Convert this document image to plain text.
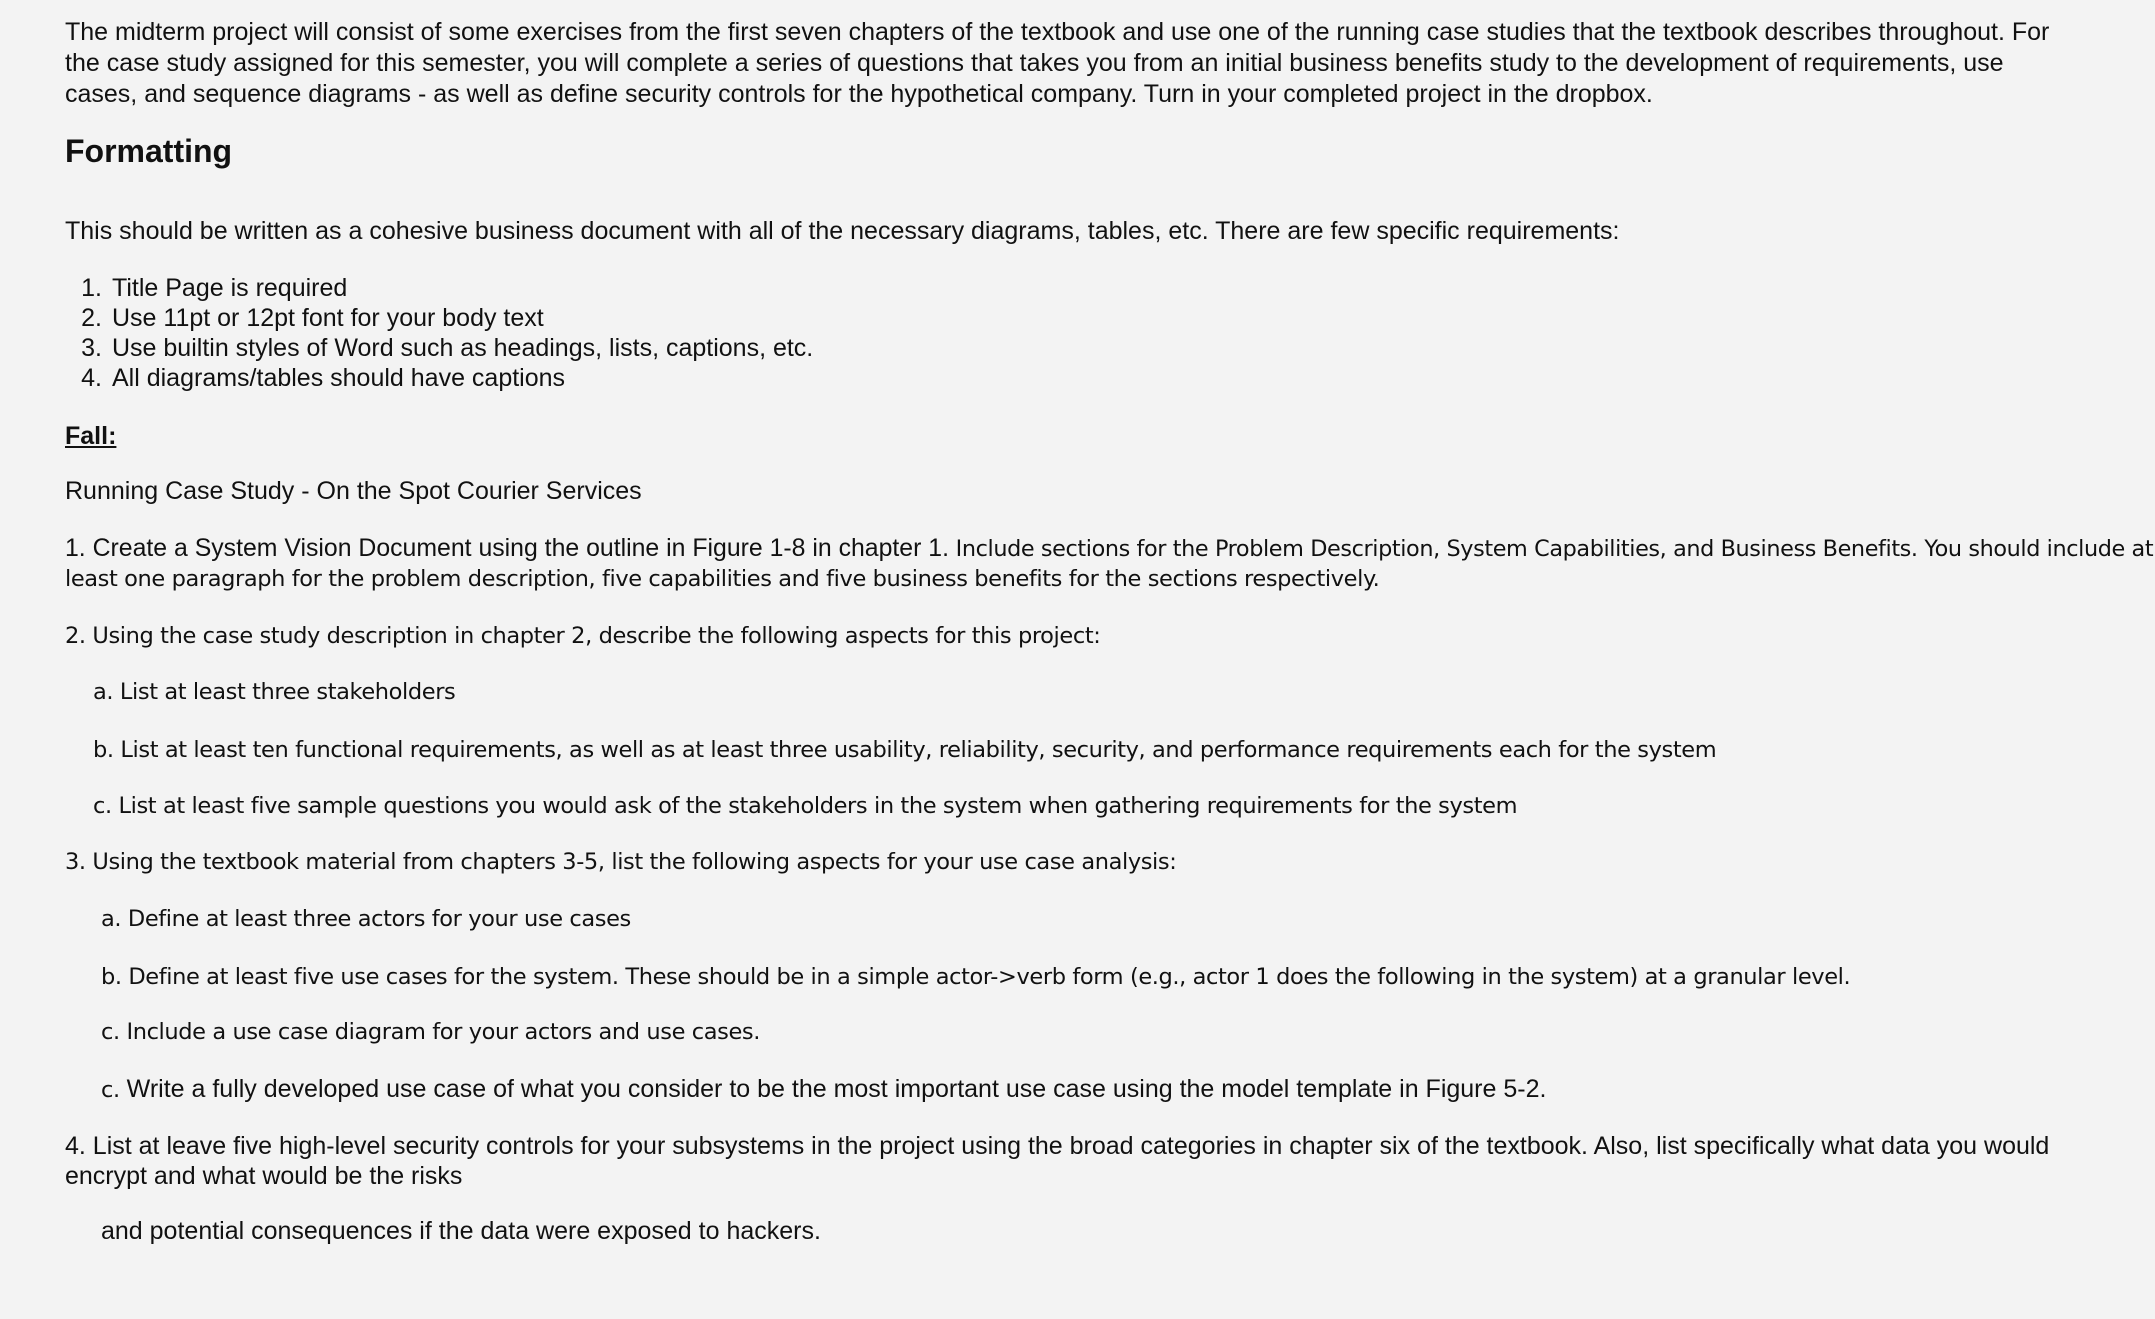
The midterm project will consist of some exercises from the first seven chapters of the textbook and use one of the running case studies that the textbook describes throughout. For

the case study assigned for this semester, you will complete a series of questions that takes you from an initial business benefits study to the development of requirements, use

cases, and sequence diagrams - as well as define security controls for the hypothetical company. Turn in your completed project in the dropbox.

Formatting

This should be written as a cohesive business document with all of the necessary diagrams, tables, etc. There are few specific requirements:

1. Title Page is required

2. Use 11pt or 12pt font for your body text

3. Use builtin styles of Word such as headings, lists, captions, etc.

4. All diagrams/tables should have captions

Fall:

Running Case Study - On the Spot Courier Services

1. Create a System Vision Document using the outline in Figure 1-8 in chapter 1. Include sections for the Problem Description, System Capabilities, and Business Benefits. You should include at

least one paragraph for the problem description, five capabilities and five business benefits for the sections respectively.

2. Using the case study description in chapter 2, describe the following aspects for this project:

a. List at least three stakeholders

b. List at least ten functional requirements, as well as at least three usability, reliability, security, and performance requirements each for the system

c. List at least five sample questions you would ask of the stakeholders in the system when gathering requirements for the system

3. Using the textbook material from chapters 3-5, list the following aspects for your use case analysis:

a. Define at least three actors for your use cases

b. Define at least five use cases for the system. These should be in a simple actor->verb form (e.g., actor 1 does the following in the system) at a granular level.

c. Include a use case diagram for your actors and use cases.

c. Write a fully developed use case of what you consider to be the most important use case using the model template in Figure 5-2.

4. List at leave five high-level security controls for your subsystems in the project using the broad categories in chapter six of the textbook. Also, list specifically what data you would

encrypt and what would be the risks

and potential consequences if the data were exposed to hackers.
